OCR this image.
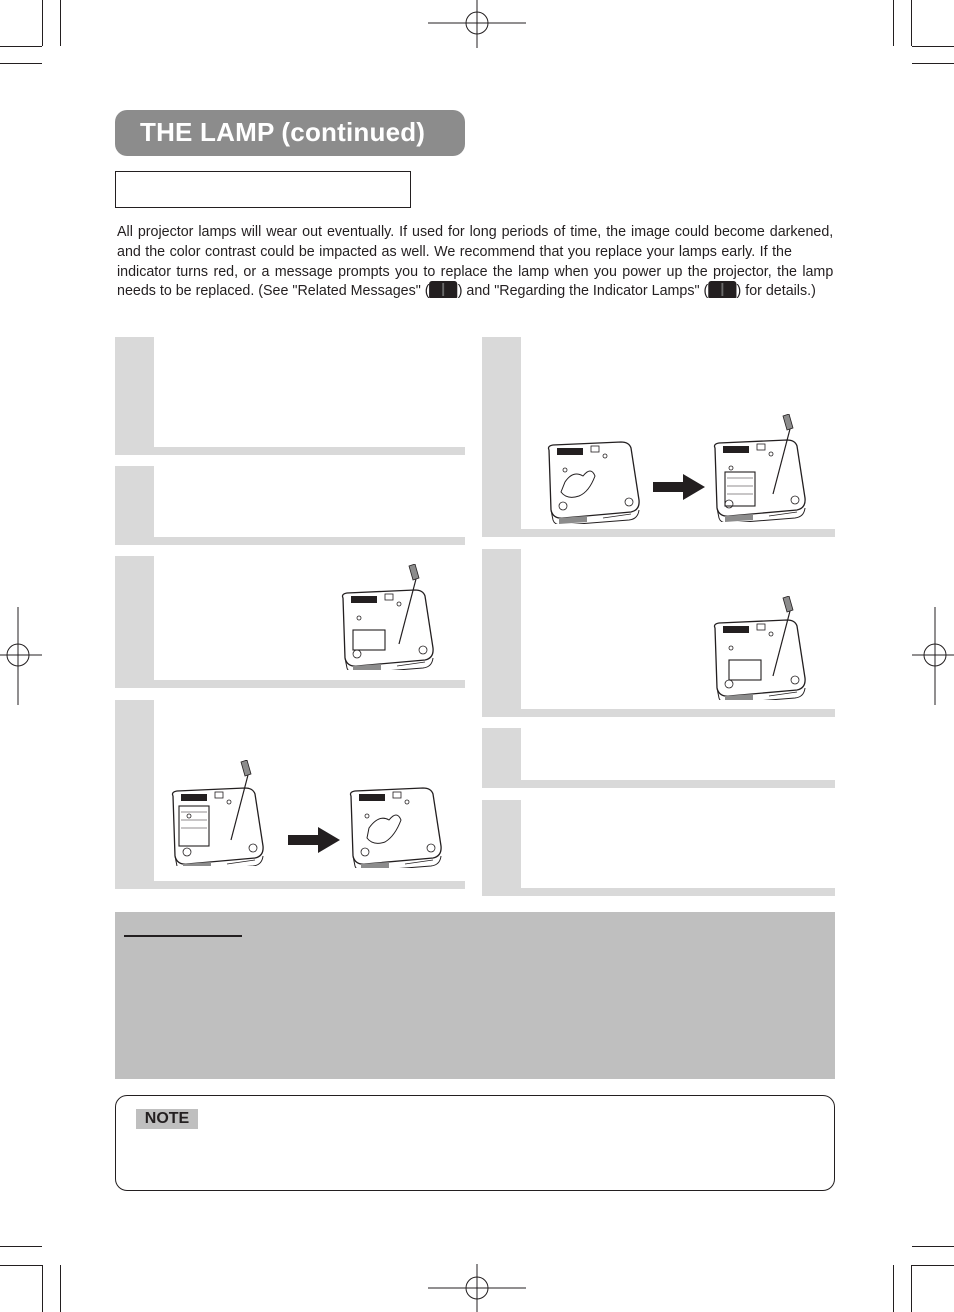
THE LAMP (continued)
All projector lamps will wear out eventually. If used for long periods of time, the image could become darkened, and the color contrast could be impacted as well. We recommend that you replace your lamps early. If theindicator turns red, or a message prompts you to replace the lamp when you power up the projector, the lamp needs to be replaced. (See "Related Messages" ( ) and "Regarding the Indicator Lamps" ( ) for details.)
NOTE
